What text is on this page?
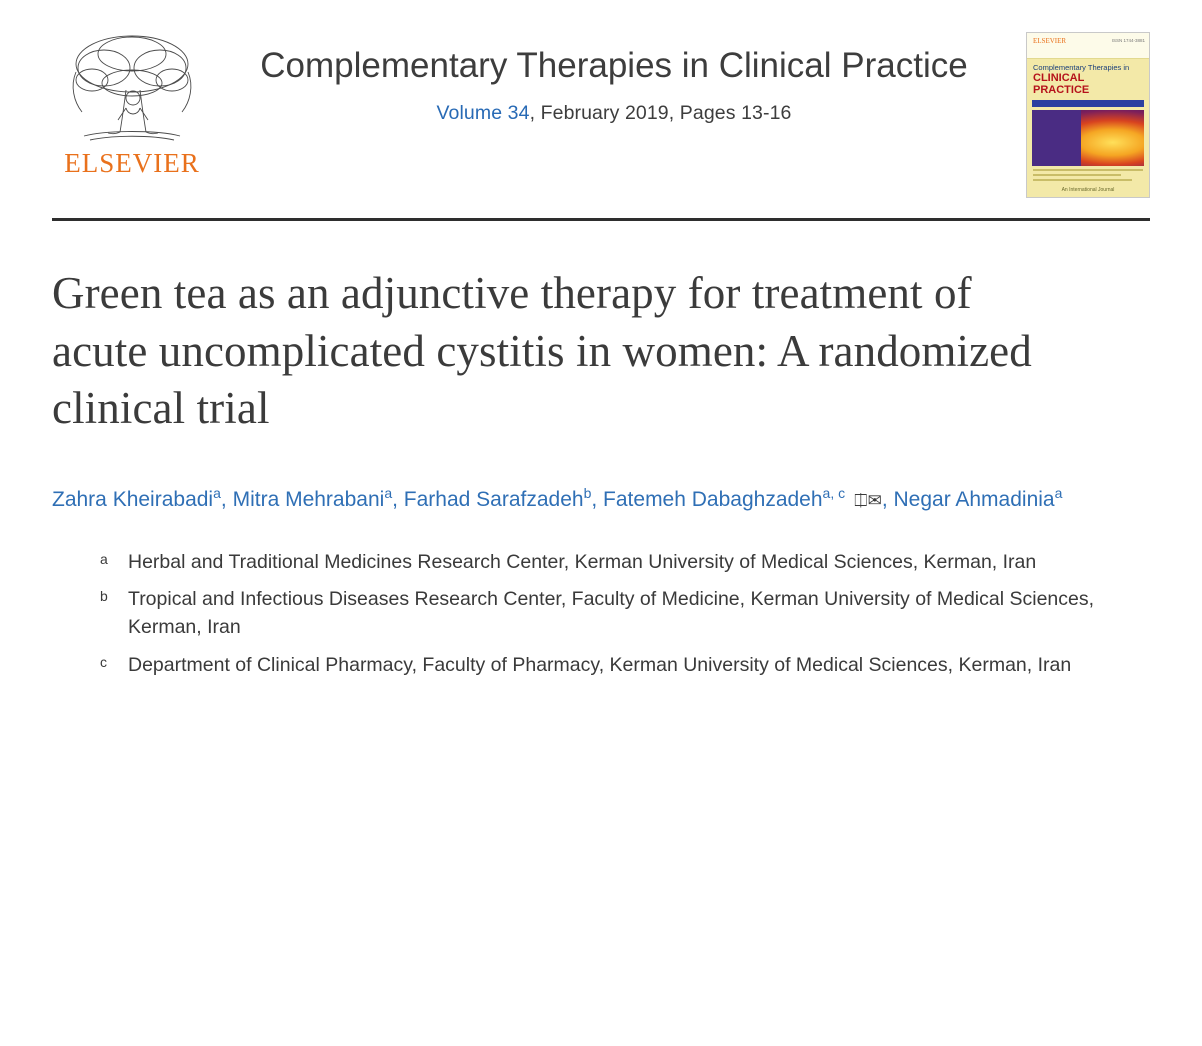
ELSEVIER
Complementary Therapies in Clinical Practice
Volume 34, February 2019, Pages 13-16
ELSEVIER	ISSN 1744-3881
Complementary Therapies in
CLINICAL PRACTICE
An International Journal
Green tea as an adjunctive therapy for treatment of acute uncomplicated cystitis in women: A randomized clinical trial
Zahra Kheirabadi$^a$, Mitra Mehrabani$^a$, Farhad Sarafzadeh$^b$, Fatemeh Dabaghzadeh$^{a, c}$ ⎅✉, Negar Ahmadinia$^a$
a	Herbal and Traditional Medicines Research Center, Kerman University of Medical Sciences, Kerman, Iran
b	Tropical and Infectious Diseases Research Center, Faculty of Medicine, Kerman University of Medical Sciences, Kerman, Iran
c	Department of Clinical Pharmacy, Faculty of Pharmacy, Kerman University of Medical Sciences, Kerman, Iran
医咖会
MEDPEER.CN
